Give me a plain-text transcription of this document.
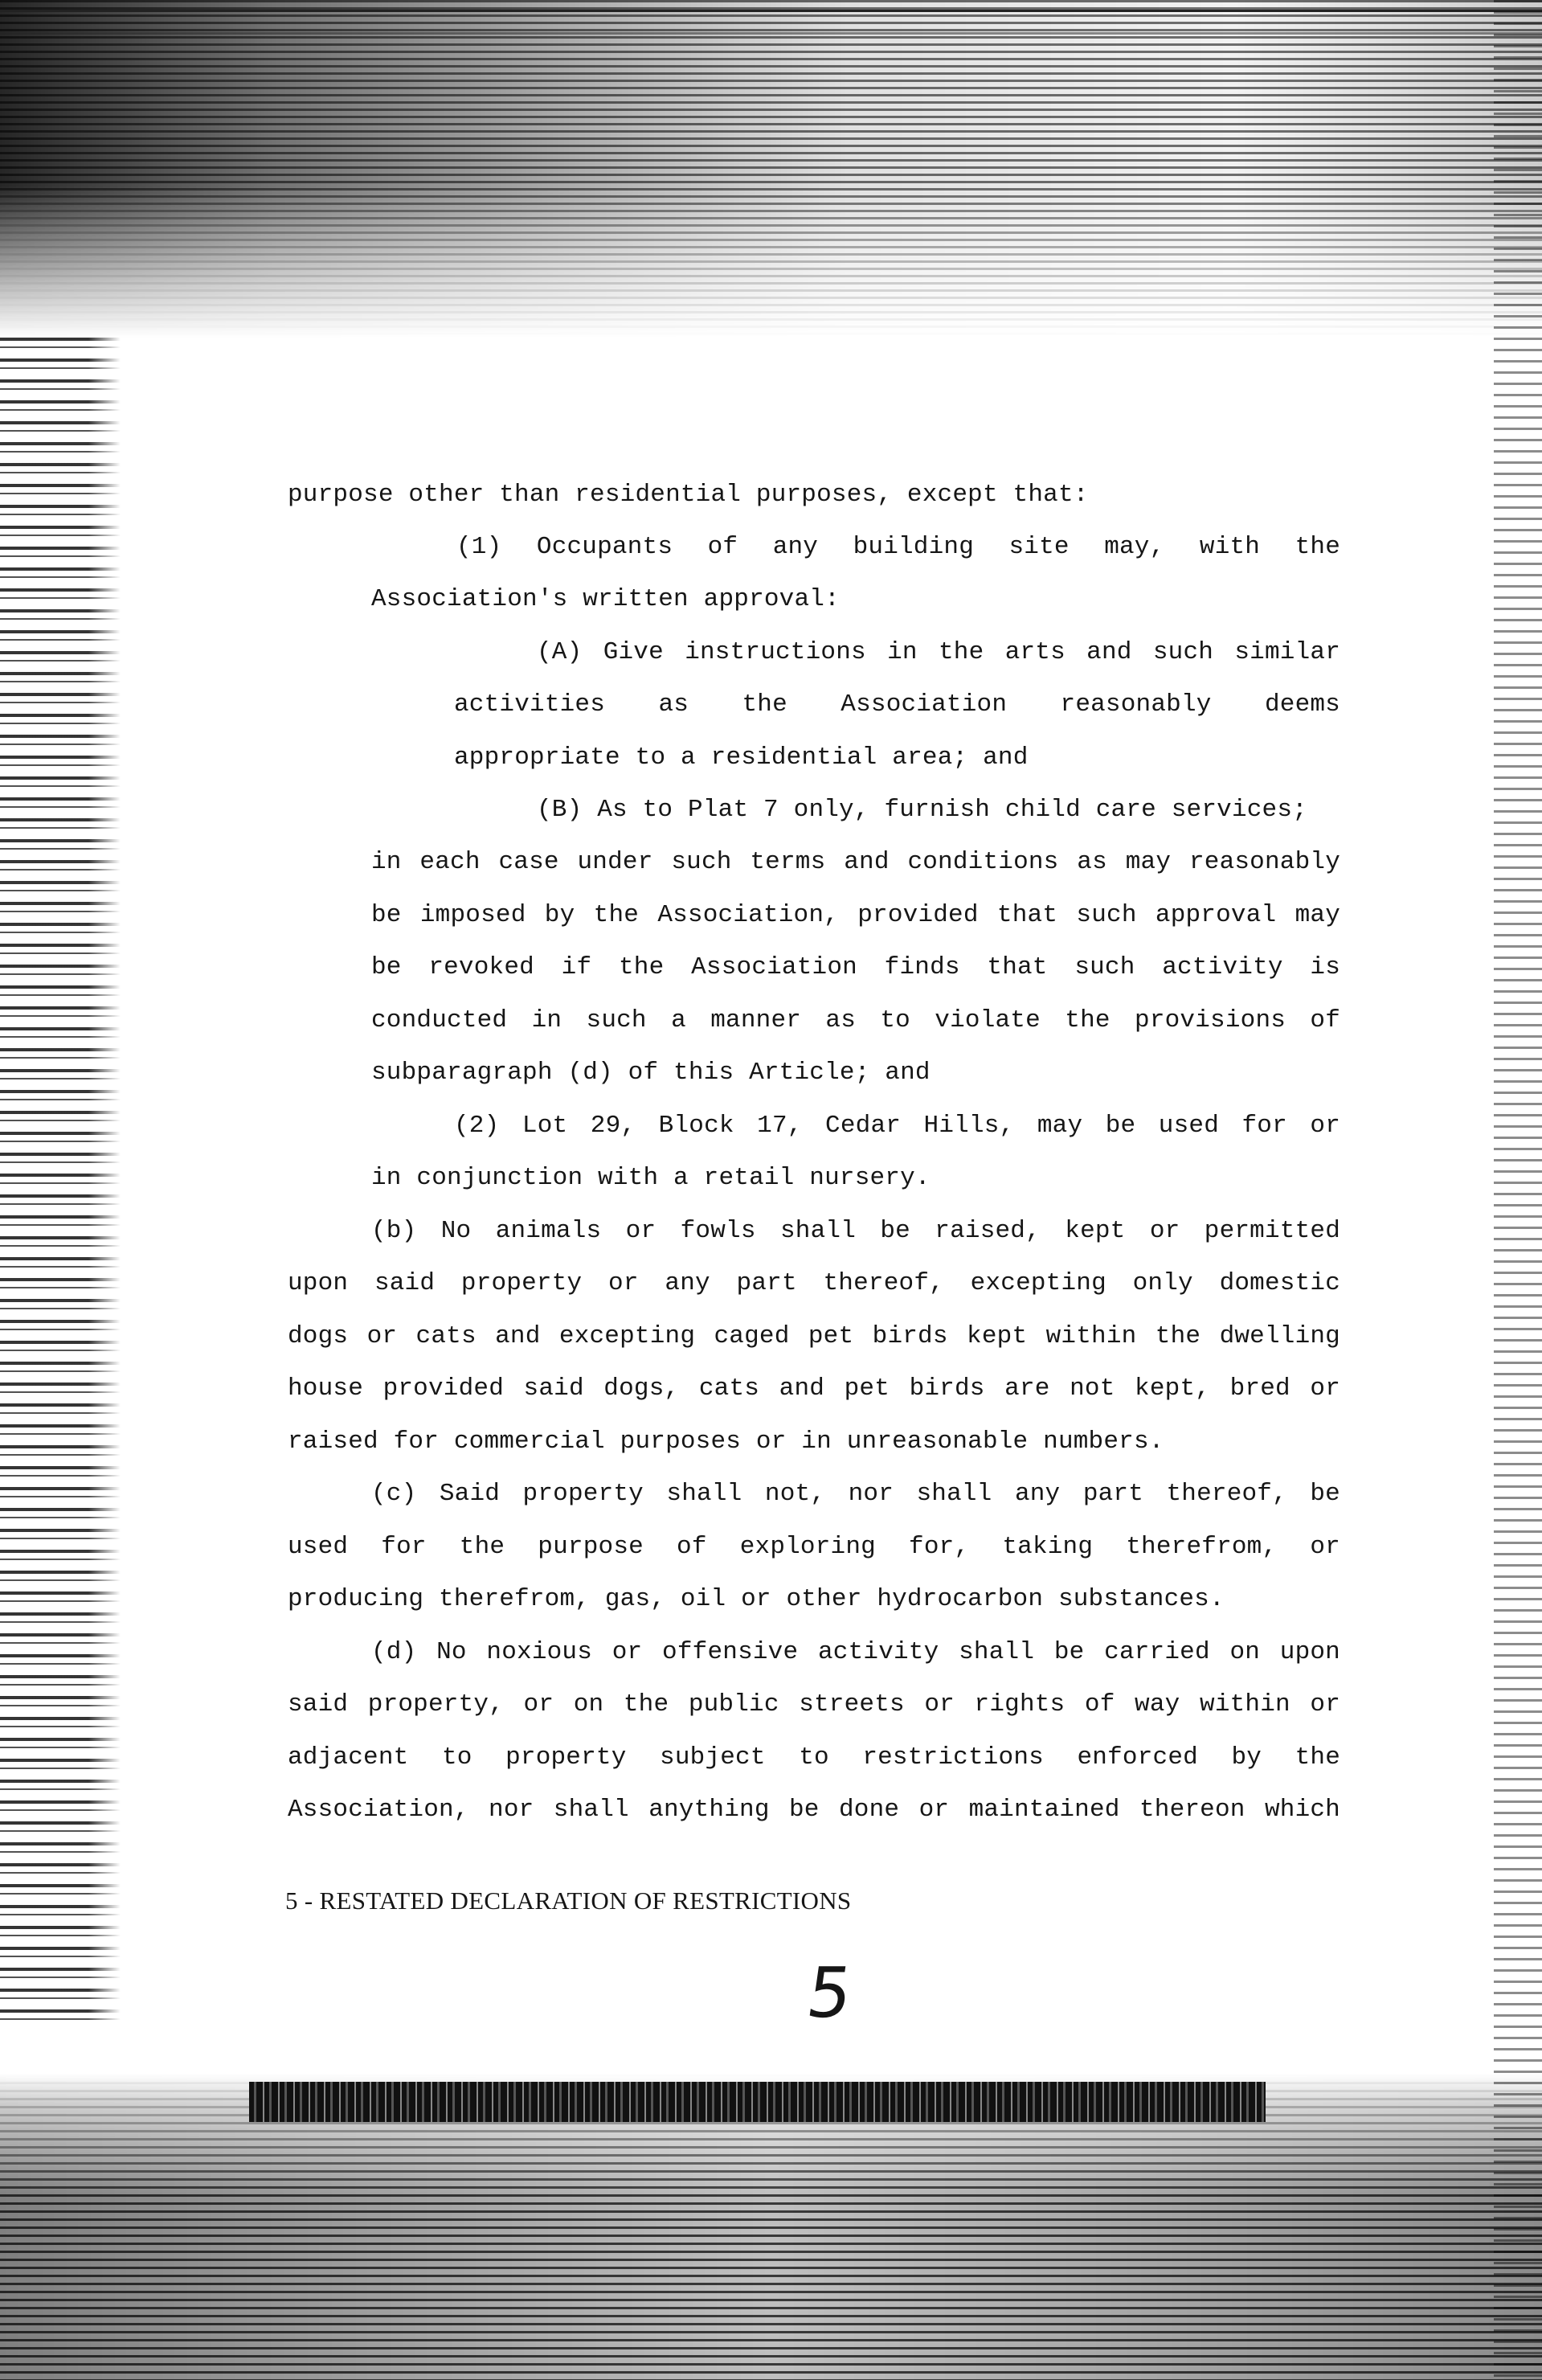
purpose other than residential purposes, except that:
(1) Occupants of any building site may, with the
Association's written approval:
(A) Give instructions in the arts and such similar
activities as the Association reasonably deems
appropriate to a residential area; and
(B) As to Plat 7 only, furnish child care services;
in each case under such terms and conditions as may reasonably
be imposed by the Association, provided that such approval may
be revoked if the Association finds that such activity is
conducted in such a manner as to violate the provisions of
subparagraph (d) of this Article; and
(2) Lot 29, Block 17, Cedar Hills, may be used for or
in conjunction with a retail nursery.
(b) No animals or fowls shall be raised, kept or permitted
upon said property or any part thereof, excepting only domestic
dogs or cats and excepting caged pet birds kept within the dwelling
house provided said dogs, cats and pet birds are not kept, bred or
raised for commercial purposes or in unreasonable numbers.
(c) Said property shall not, nor shall any part thereof, be
used for the purpose of exploring for, taking therefrom, or
producing therefrom, gas, oil or other hydrocarbon substances.
(d) No noxious or offensive activity shall be carried on upon
said property, or on the public streets or rights of way within or
adjacent to property subject to restrictions enforced by the
Association, nor shall anything be done or maintained thereon which
5 - RESTATED DECLARATION OF RESTRICTIONS
5
